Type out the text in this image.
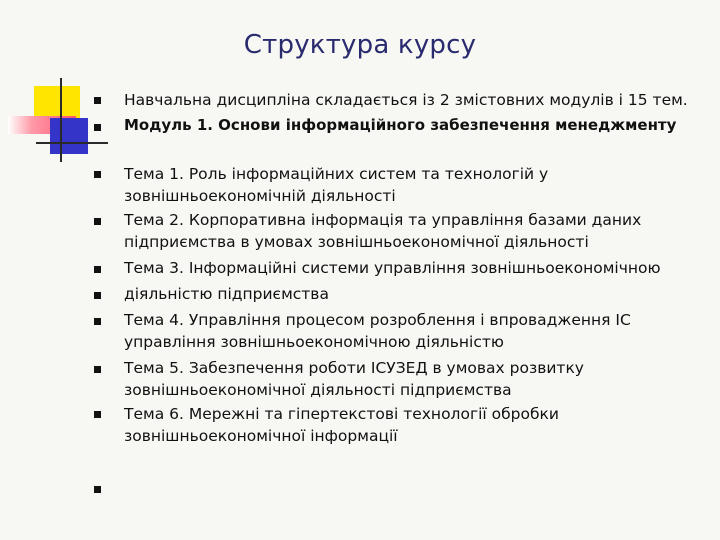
Структура курсу
Навчальна дисципліна складається із 2 змістовних модулів і 15 тем.
Модуль 1. Основи інформаційного забезпечення менеджменту
Тема 1. Роль інформаційних систем та технологій у зовнішньоекономічній діяльності
Тема 2. Корпоративна інформація та управління базами даних підприємства в умовах зовнішньоекономічної діяльності
Тема 3. Інформаційні системи управління зовнішньоекономічною
діяльністю підприємства
Тема 4. Управління процесом розроблення і впровадження ІС управління зовнішньоекономічною діяльністю
Тема 5. Забезпечення роботи ІСУЗЕД в умовах розвитку зовнішньоекономічної діяльності підприємства
Тема 6. Мережні та гіпертекстові технології обробки зовнішньоекономічної інформації
